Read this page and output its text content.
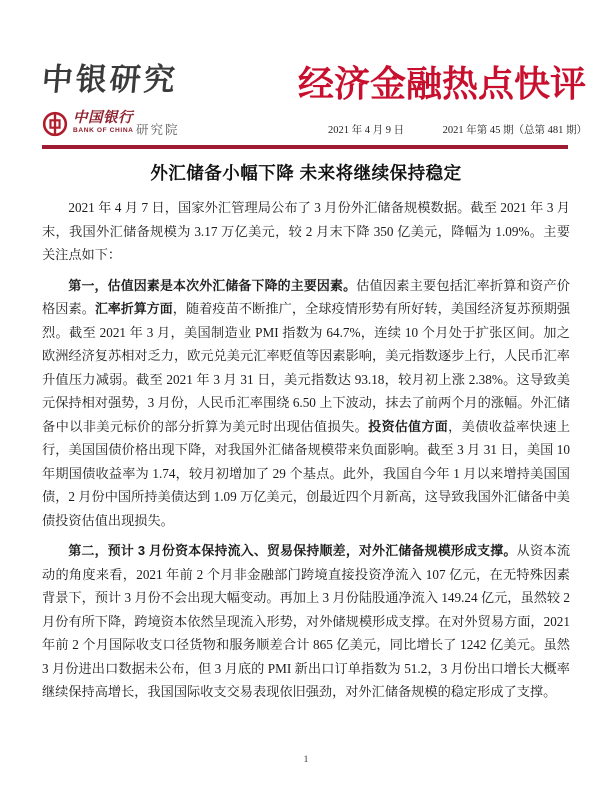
中银研究	经济金融热点快评
中国银行
BANK OF CHINA 研究院	2021 年 4 月 9 日	2021 年第 45 期（总第 481 期）
外汇储备小幅下降 未来将继续保持稳定

2021 年 4 月 7 日，国家外汇管理局公布了 3 月份外汇储备规模数据。截至 2021 年 3 月末，我国外汇储备规模为 3.17 万亿美元，较 2 月末下降 350 亿美元，降幅为 1.09%。主要关注点如下：

第一，估值因素是本次外汇储备下降的主要因素。估值因素主要包括汇率折算和资产价格因素。汇率折算方面，随着疫苗不断推广，全球疫情形势有所好转，美国经济复苏预期强烈。截至 2021 年 3 月，美国制造业 PMI 指数为 64.7%，连续 10 个月处于扩张区间。加之欧洲经济复苏相对乏力，欧元兑美元汇率贬值等因素影响，美元指数逐步上行，人民币汇率升值压力减弱。截至 2021 年 3 月 31 日，美元指数达 93.18，较月初上涨 2.38%。这导致美元保持相对强势，3 月份，人民币汇率围绕 6.50 上下波动，抹去了前两个月的涨幅。外汇储备中以非美元标价的部分折算为美元时出现估值损失。投资估值方面，美债收益率快速上行，美国国债价格出现下降，对我国外汇储备规模带来负面影响。截至 3 月 31 日，美国 10 年期国债收益率为 1.74，较月初增加了 29 个基点。此外，我国自今年 1 月以来增持美国国债，2 月份中国所持美债达到 1.09 万亿美元，创最近四个月新高，这导致我国外汇储备中美债投资估值出现损失。

第二，预计 3 月份资本保持流入、贸易保持顺差，对外汇储备规模形成支撑。从资本流动的角度来看，2021 年前 2 个月非金融部门跨境直接投资净流入 107 亿元，在无特殊因素背景下，预计 3 月份不会出现大幅变动。再加上 3 月份陆股通净流入 149.24 亿元，虽然较 2 月份有所下降，跨境资本依然呈现流入形势，对外储规模形成支撑。在对外贸易方面，2021 年前 2 个月国际收支口径货物和服务顺差合计 865 亿美元，同比增长了 1242 亿美元。虽然 3 月份进出口数据未公布，但 3 月底的 PMI 新出口订单指数为 51.2，3 月份出口增长大概率继续保持高增长，我国国际收支交易表现依旧强劲，对外汇储备规模的稳定形成了支撑。

1
